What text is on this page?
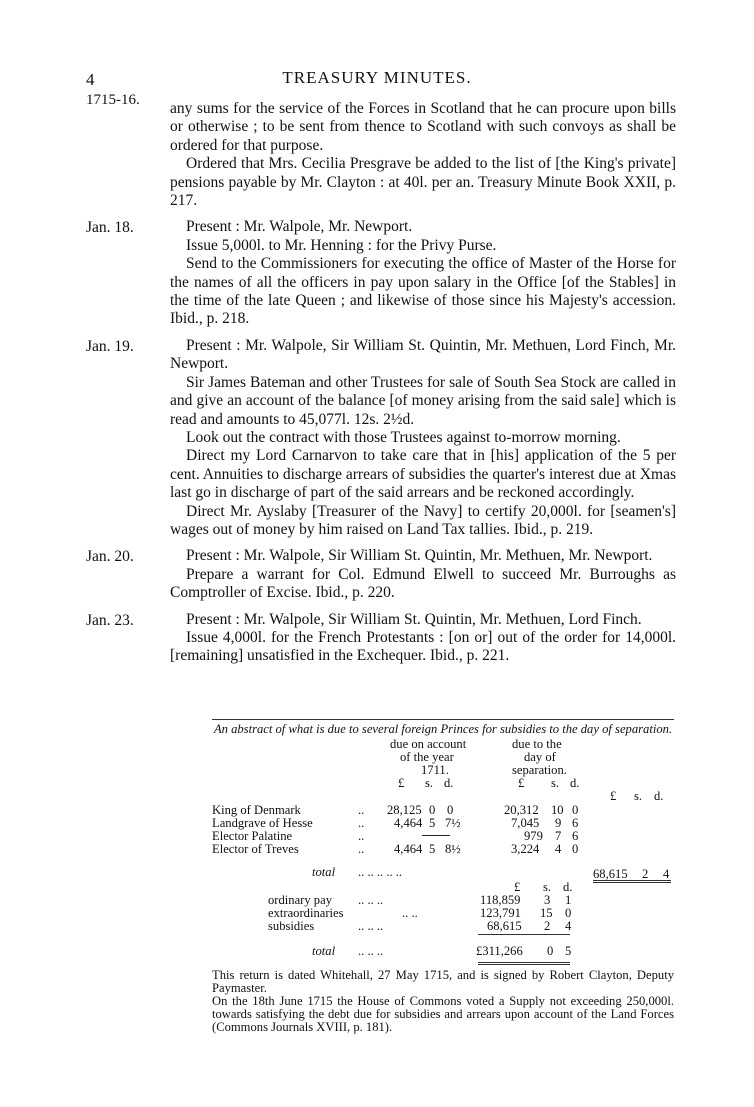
4	TREASURY MINUTES.
1715-16. any sums for the service of the Forces in Scotland that he can procure upon bills or otherwise ; to be sent from thence to Scotland with such convoys as shall be ordered for that purpose.

Ordered that Mrs. Cecilia Presgrave be added to the list of [the King's private] pensions payable by Mr. Clayton : at 40l. per an. Treasury Minute Book XXII, p. 217.

Jan. 18.	Present : Mr. Walpole, Mr. Newport.

Issue 5,000l. to Mr. Henning : for the Privy Purse.

Send to the Commissioners for executing the office of Master of the Horse for the names of all the officers in pay upon salary in the Office [of the Stables] in the time of the late Queen ; and likewise of those since his Majesty's accession. Ibid., p. 218.

Jan. 19.	Present : Mr. Walpole, Sir William St. Quintin, Mr. Methuen, Lord Finch, Mr. Newport.

Sir James Bateman and other Trustees for sale of South Sea Stock are called in and give an account of the balance [of money arising from the said sale] which is read and amounts to 45,077l. 12s. 2½d.

Look out the contract with those Trustees against to-morrow morning.

Direct my Lord Carnarvon to take care that in [his] application of the 5 per cent. Annuities to discharge arrears of subsidies the quarter's interest due at Xmas last go in discharge of part of the said arrears and be reckoned accordingly.

Direct Mr. Ayslaby [Treasurer of the Navy] to certify 20,000l. for [seamen's] wages out of money by him raised on Land Tax tallies. Ibid., p. 219.

Jan. 20.	Present : Mr. Walpole, Sir William St. Quintin, Mr. Methuen, Mr. Newport.

Prepare a warrant for Col. Edmund Elwell to succeed Mr. Burroughs as Comptroller of Excise. Ibid., p. 220.

Jan. 23.	Present : Mr. Walpole, Sir William St. Quintin, Mr. Methuen, Lord Finch.

Issue 4,000l. for the French Protestants : [on or] out of the order for 14,000l. [remaining] unsatisfied in the Exchequer. Ibid., p. 221.

An abstract of what is due to several foreign Princes for subsidies to the day of separation.
due on account
of the year
1711.
due to the
day of
separation.
£ s. d.	£ s. d.
£ s. d.
King of Denmark	.. 28,125 0 0	20,312 10 0
Landgrave of Hesse	.. 4,464 5 7½	7,045 9 6
Elector Palatine	..	979 7 6
Elector of Treves	.. 4,464 5 8½	3,224 4 0
total .. .. .. .. ..	68,615 2 4
£ s. d.
ordinary pay .. .. ..	118,859 3 1
extraordinaries	.. ..	123,791 15 0
subsidies	.. .. ..	68,615 2 4
total .. .. ..	£311,266 0 5

This return is dated Whitehall, 27 May 1715, and is signed by Robert Clayton, Deputy Paymaster.

On the 18th June 1715 the House of Commons voted a Supply not exceeding 250,000l. towards satisfying the debt due for subsidies and arrears upon account of the Land Forces (Commons Journals XVIII, p. 181).
